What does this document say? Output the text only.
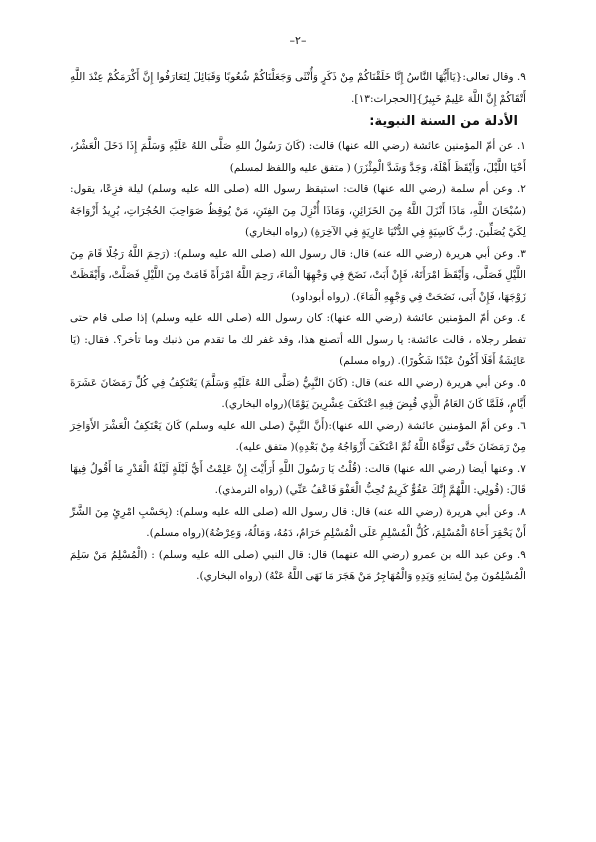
–٢–

٩. وقال تعالى:{يَاأَيُّهَا النَّاسُ إِنَّا خَلَقْنَاكُمْ مِنْ ذَكَرٍ وَأُنْثَى وَجَعَلْنَاكُمْ شُعُوبًا وَقَبَائِلَ لِتَعَارَفُوا إِنَّ أَكْرَمَكُمْ عِنْدَ اللَّهِ أَتْقَاكُمْ إِنَّ اللَّهَ عَلِيمٌ خَبِيرٌ}[الحجرات:١٣].

الأدلة من السنة النبوية:

١. عن أمّ المؤمنين عائشة (رضي الله عنها) قالت: (كَانَ رَسُولُ اللهِ صَلَّى اللهُ عَلَيْهِ وَسَلَّمَ إِذَا دَخَلَ الْعَشْرُ، أَحْيَا اللَّيْلَ، وَأَيْقَظَ أَهْلَهُ، وَجَدَّ وَشَدَّ الْمِئْزَرَ) ( متفق عليه واللفظ لمسلم)

٢. وعن أم سلمة (رضي الله عنها) قالت: استيقظ رسول الله (صلى الله عليه وسلم) ليلة فزِعًا، يقول: (سُبْحَانَ اللَّهِ، مَاذَا أَنْزَلَ اللَّهُ مِنَ الخَزَائِنِ، وَمَاذَا أُنْزِلَ مِنَ الفِتَنِ، مَنْ يُوقِظُ صَوَاحِبَ الحُجُرَاتِ، يُرِيدُ أَزْوَاجَهُ لِكَيْ يُصَلِّينَ. رُبَّ كَاسِيَةٍ فِي الدُّنْيَا عَارِيَةٍ فِي الآخِرَةِ) (رواه البخاري)

٣. وعن أبي هريرة (رضي الله عنه) قال: قال رسول الله (صلى الله عليه وسلم): (رَحِمَ اللَّهُ رَجُلًا قَامَ مِنَ اللَّيْلِ فَصَلَّى، وَأَيْقَظَ امْرَأَتَهُ، فَإِنْ أَبَتْ، نَضَحَ فِي وَجْهِهَا الْمَاءَ، رَحِمَ اللَّهُ امْرَأَةً قَامَتْ مِنَ اللَّيْلِ فَصَلَّتْ، وَأَيْقَظَتْ زَوْجَهَا، فَإِنْ أَبَى، نَضَحَتْ فِي وَجْهِهِ الْمَاءَ). (رواه أبوداود)

٤. وعن أمّ المؤمنين عائشة (رضي الله عنها): كان رسول الله (صلى الله عليه وسلم) إذا صلى قام حتى تفطر رجلاه ، قالت عائشة: يا رسول الله أتصنع هذا، وقد غفر لك ما تقدم من ذنبك وما تأخر؟. فقال: (يَا عَائِشَةُ أَفَلَا أَكُونُ عَبْدًا شَكُورًا). (رواه مسلم)

٥. وعن أبي هريرة (رضي الله عنه) قال: (كَانَ النَّبِيُّ (صَلَّى اللهُ عَلَيْهِ وَسَلَّمَ) يَعْتَكِفُ فِي كُلِّ رَمَضَانَ عَشَرَةَ أَيَّامٍ، فَلَمَّا كَانَ العَامُ الَّذِي قُبِضَ فِيهِ اعْتَكَفَ عِشْرِينَ يَوْمًا)(رواه البخاري).

٦. وعن أمّ المؤمنين عائشة (رضي الله عنها):(أَنَّ النَّبِيَّ (صلى الله عليه وسلم) كَانَ يَعْتَكِفُ الْعَشْرَ الأَوَاخِرَ مِنْ رَمَضَانَ حَتَّى تَوَفَّاهُ اللَّهُ ثُمَّ اعْتَكَفَ أَزْوَاجُهُ مِنْ بَعْدِهِ)( متفق عليه).

٧. وعنها أيضا (رضي الله عنها) قالت: (قُلْتُ يَا رَسُولَ اللَّهِ أَرَأَيْتَ إِنْ عَلِمْتُ أَيُّ لَيْلَةٍ لَيْلَةُ الْقَدْرِ مَا أَقُولُ فِيهَا قَالَ: (قُولِي: اللَّهُمَّ إِنَّكَ عَفُوٌّ كَرِيمٌ تُحِبُّ الْعَفْوَ فَاعْفُ عَنِّي) (رواه الترمذي).

٨. وعن أبي هريرة (رضي الله عنه) قال: قال رسول الله (صلى الله عليه وسلم): (بِحَسْبِ امْرِئٍ مِنَ الشَّرِّ أَنْ يَحْقِرَ أَخَاهُ الْمُسْلِمَ، كُلُّ الْمُسْلِمِ عَلَى الْمُسْلِمِ حَرَامٌ، دَمُهُ، وَمَالُهُ، وَعِرْضُهُ)(رواه مسلم).

٩. وعن عبد الله بن عمرو (رضي الله عنهما) قال: قال النبي (صلى الله عليه وسلم) : (الْمُسْلِمُ مَنْ سَلِمَ الْمُسْلِمُونَ مِنْ لِسَانِهِ وَيَدِهِ وَالْمُهَاجِرُ مَنْ هَجَرَ مَا نَهَى اللَّهُ عَنْهُ) (رواه البخاري).
